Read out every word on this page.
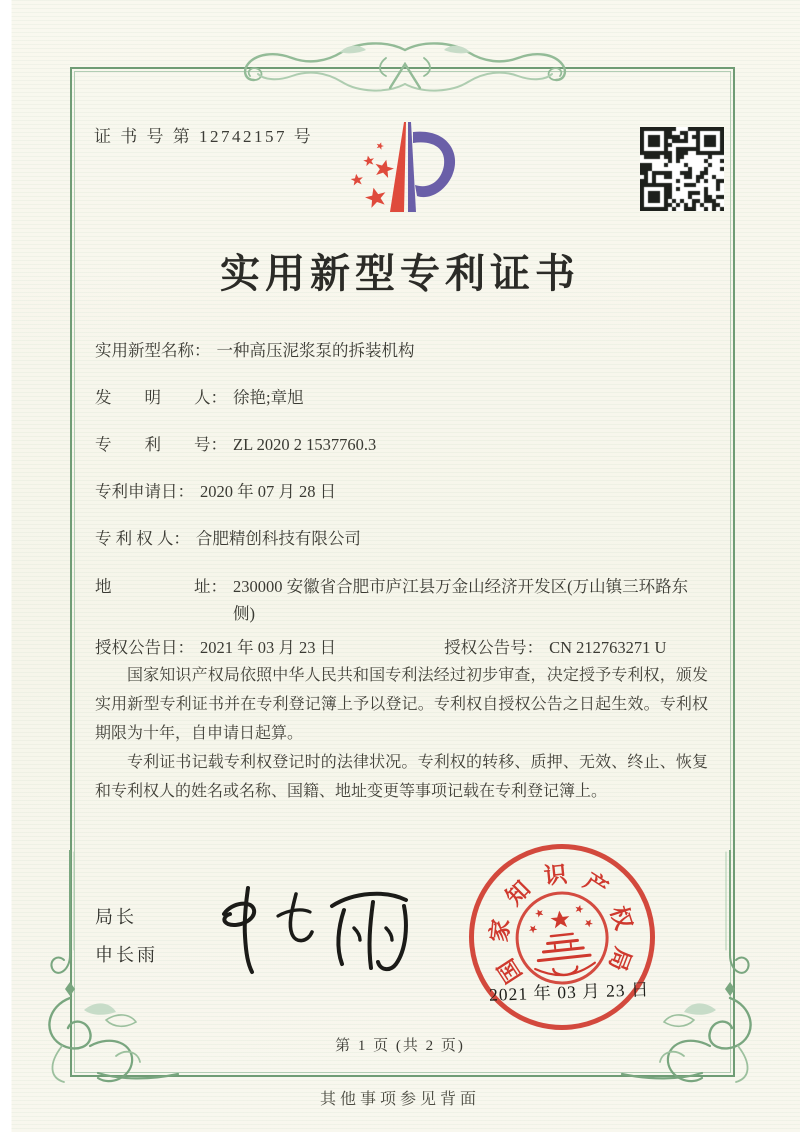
证 书 号 第 12742157 号
实用新型专利证书
实用新型名称： 一种高压泥浆泵的拆装机构
发　　明　　人： 徐艳;章旭
专　　利　　号： ZL 2020 2 1537760.3
专利申请日： 2020 年 07 月 28 日
专 利 权 人： 合肥精创科技有限公司
地　　　　　址： 230000 安徽省合肥市庐江县万金山经济开发区(万山镇三环路东侧)
授权公告日： 2021 年 03 月 23 日	授权公告号： CN 212763271 U

国家知识产权局依照中华人民共和国专利法经过初步审查，决定授予专利权，颁发实用新型专利证书并在专利登记簿上予以登记。专利权自授权公告之日起生效。专利权期限为十年，自申请日起算。

专利证书记载专利权登记时的法律状况。专利权的转移、质押、无效、终止、恢复和专利权人的姓名或名称、国籍、地址变更等事项记载在专利登记簿上。

局长
申长雨	国
家
知
识 产
权
局
2021 年 03 月 23 日
第 1 页 (共 2 页)
其他事项参见背面
